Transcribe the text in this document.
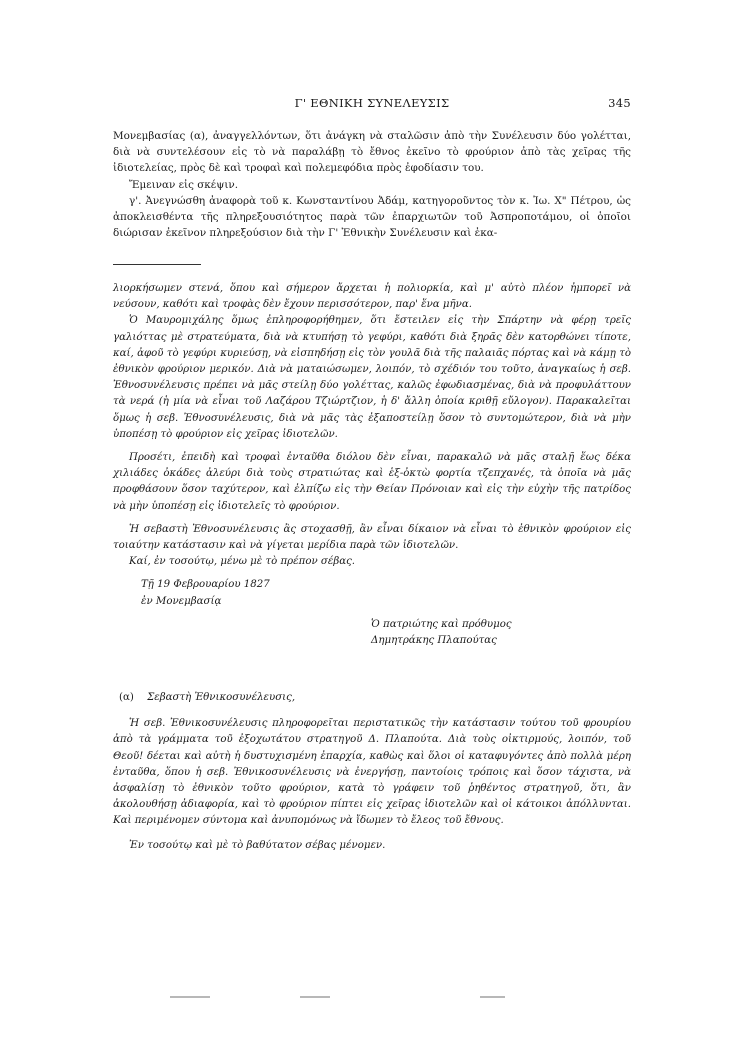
Γ' ΕΘΝΙΚΗ ΣΥΝΕΛΕΥΣΙΣ	345

Μονεμβασίας (α), ἀναγγελλόντων, ὅτι ἀνάγκη νὰ σταλῶσιν ἀπὸ τὴν Συνέλευσιν δύο γολέτται, διὰ νὰ συντελέσουν εἰς τὸ νὰ παραλάβῃ τὸ ἔθνος ἐκεῖνο τὸ φρούριον ἀπὸ τὰς χεῖρας τῆς ἰδιοτελείας, πρὸς δὲ καὶ τροφαὶ καὶ πολεμεφόδια πρὸς ἐφοδίασιν του.

Ἔμειναν εἰς σκέψιν.

γ'. Ἀνεγνώσθη ἀναφορὰ τοῦ κ. Κωνσταντίνου Ἀδάμ, κατηγοροῦντος τὸν κ. Ἰω. Χ" Πέτρου, ὡς ἀποκλεισθέντα τῆς πληρεξουσιότητος παρὰ τῶν ἐπαρχιωτῶν τοῦ Ἀσπροποτάμου, οἱ ὁποῖοι διώρισαν ἐκεῖνον πληρεξούσιον διὰ τὴν Γ' Ἐθνικὴν Συνέλευσιν καὶ ἐκα-

λιορκήσωμεν στενά, ὅπου καὶ σήμερον ἄρχεται ἡ πολιορκία, καὶ μ' αὐτὸ πλέον ἠμπορεῖ νὰ νεύσουν, καθότι καὶ τροφὰς δὲν ἔχουν περισσότερον, παρ' ἕνα μῆνα.

Ὁ Μαυρομιχάλης ὅμως ἐπληροφορήθημεν, ὅτι ἔστειλεν εἰς τὴν Σπάρτην νὰ φέρῃ τρεῖς γαλιόττας μὲ στρατεύματα, διὰ νὰ κτυπήσῃ τὸ γεφύρι, καθότι διὰ ξηρᾶς δὲν κατορθώνει τίποτε, καί, ἀφοῦ τὸ γεφύρι κυριεύσῃ, νὰ εἰσπηδήσῃ εἰς τὸν γουλᾶ διὰ τῆς παλαιᾶς πόρτας καὶ νὰ κάμῃ τὸ ἐθνικὸν φρούριον μερικόν. Διὰ νὰ ματαιώσωμεν, λοιπόν, τὸ σχέδιόν του τοῦτο, ἀναγκαίως ἡ σεβ. Ἐθνοσυνέλευσις πρέπει νὰ μᾶς στείλῃ δύο γολέττας, καλῶς ἐφωδιασμένας, διὰ νὰ προφυλάττουν τὰ νερά (ἡ μία νὰ εἶναι τοῦ Λαζάρου Τζιώρτζιον, ἡ δ' ἄλλη ὁποία κριθῇ εὔλογον). Παρακαλεῖται ὅμως ἡ σεβ. Ἐθνοσυνέλευσις, διὰ νὰ μᾶς τὰς ἐξαποστείλῃ ὅσον τὸ συντομώτερον, διὰ νὰ μὴν ὑποπέσῃ τὸ φρούριον εἰς χεῖρας ἰδιοτελῶν.

Προσέτι, ἐπειδὴ καὶ τροφαὶ ἐνταῦθα διόλου δὲν εἶναι, παρακαλῶ νὰ μᾶς σταλῇ ἕως δέκα χιλιάδες ὀκάδες ἀλεύρι διὰ τοὺς στρατιώτας καὶ ἑξ-ὀκτὼ φορτία τζεπχανές, τὰ ὁποῖα νὰ μᾶς προφθάσουν ὅσον ταχύτερον, καὶ ἐλπίζω εἰς τὴν Θείαν Πρόνοιαν καὶ εἰς τὴν εὐχὴν τῆς πατρίδος νὰ μὴν ὑποπέσῃ εἰς ἰδιοτελεῖς τὸ φρούριον.

Ἡ σεβαστὴ Ἐθνοσυνέλευσις ἂς στοχασθῇ, ἂν εἶναι δίκαιον νὰ εἶναι τὸ ἐθνικὸν φρούριον εἰς τοιαύτην κατάστασιν καὶ νὰ γίγεται μερίδια παρὰ τῶν ἰδιοτελῶν.

Καί, ἐν τοσούτῳ, μένω μὲ τὸ πρέπον σέβας.

Τῇ 19 Φεβρουαρίου 1827

ἐν Μονεμβασίᾳ

Ὁ πατριώτης καὶ πρόθυμος

Δημητράκης Πλαπούτας

(α) Σεβαστὴ Ἐθνικοσυνέλευσις,

Ἡ σεβ. Ἐθνικοσυνέλευσις πληροφορεῖται περιστατικῶς τὴν κατάστασιν τούτου τοῦ φρουρίου ἀπὸ τὰ γράμματα τοῦ ἐξοχωτάτου στρατηγοῦ Δ. Πλαπούτα. Διὰ τοὺς οἰκτιρμούς, λοιπόν, τοῦ Θεοῦ! δέεται καὶ αὐτὴ ἡ δυστυχισμένη ἐπαρχία, καθὼς καὶ ὅλοι οἱ καταφυγόντες ἀπὸ πολλὰ μέρη ἐνταῦθα, ὅπου ἡ σεβ. Ἐθνικοσυνέλευσις νὰ ἐνεργήσῃ, παντοίοις τρόποις καὶ ὅσον τάχιστα, νὰ ἀσφαλίσῃ τὸ ἐθνικὸν τοῦτο φρούριον, κατὰ τὸ γράφειν τοῦ ῥηθέντος στρατηγοῦ, ὅτι, ἂν ἀκολουθήσῃ ἀδιαφορία, καὶ τὸ φρούριον πίπτει εἰς χεῖρας ἰδιοτελῶν καὶ οἱ κάτοικοι ἀπόλλυνται. Καὶ περιμένομεν σύντομα καὶ ἀνυπομόνως νὰ ἴδωμεν τὸ ἔλεος τοῦ ἔθνους.

Ἐν τοσούτῳ καὶ μὲ τὸ βαθύτατον σέβας μένομεν.
